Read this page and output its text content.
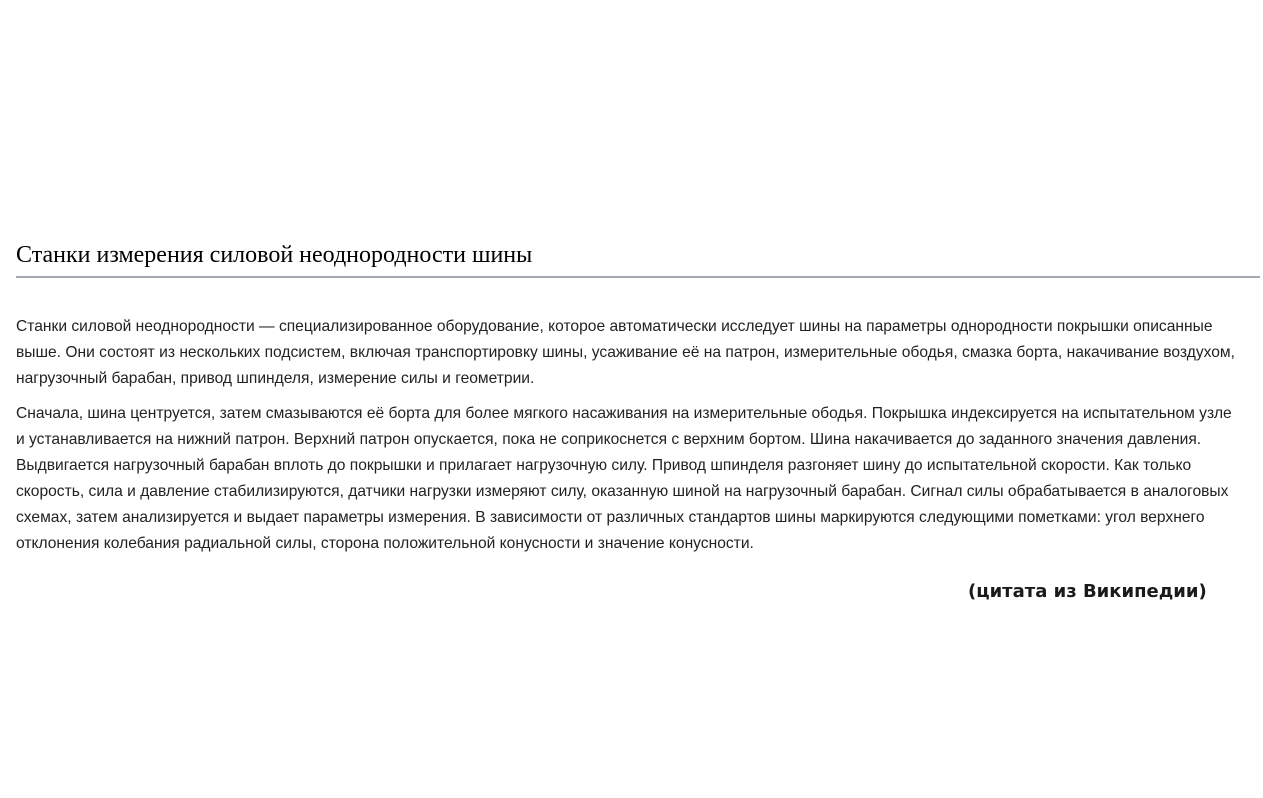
Станки измерения силовой неоднородности шины

Станки силовой неоднородности — специализированное оборудование, которое автоматически исследует шины на параметры однородности покрышки описанные выше. Они состоят из нескольких подсистем, включая транспортировку шины, усаживание её на патрон, измерительные ободья, смазка борта, накачивание воздухом, нагрузочный барабан, привод шпинделя, измерение силы и геометрии.

Сначала, шина центруется, затем смазываются её борта для более мягкого насаживания на измерительные ободья. Покрышка индексируется на испытательном узле и устанавливается на нижний патрон. Верхний патрон опускается, пока не соприкоснется с верхним бортом. Шина накачивается до заданного значения давления. Выдвигается нагрузочный барабан вплоть до покрышки и прилагает нагрузочную силу. Привод шпинделя разгоняет шину до испытательной скорости. Как только скорость, сила и давление стабилизируются, датчики нагрузки измеряют силу, оказанную шиной на нагрузочный барабан. Сигнал силы обрабатывается в аналоговых схемах, затем анализируется и выдает параметры измерения. В зависимости от различных стандартов шины маркируются следующими пометками: угол верхнего отклонения колебания радиальной силы, сторона положительной конусности и значение конусности.

(цитата из Википедии)
